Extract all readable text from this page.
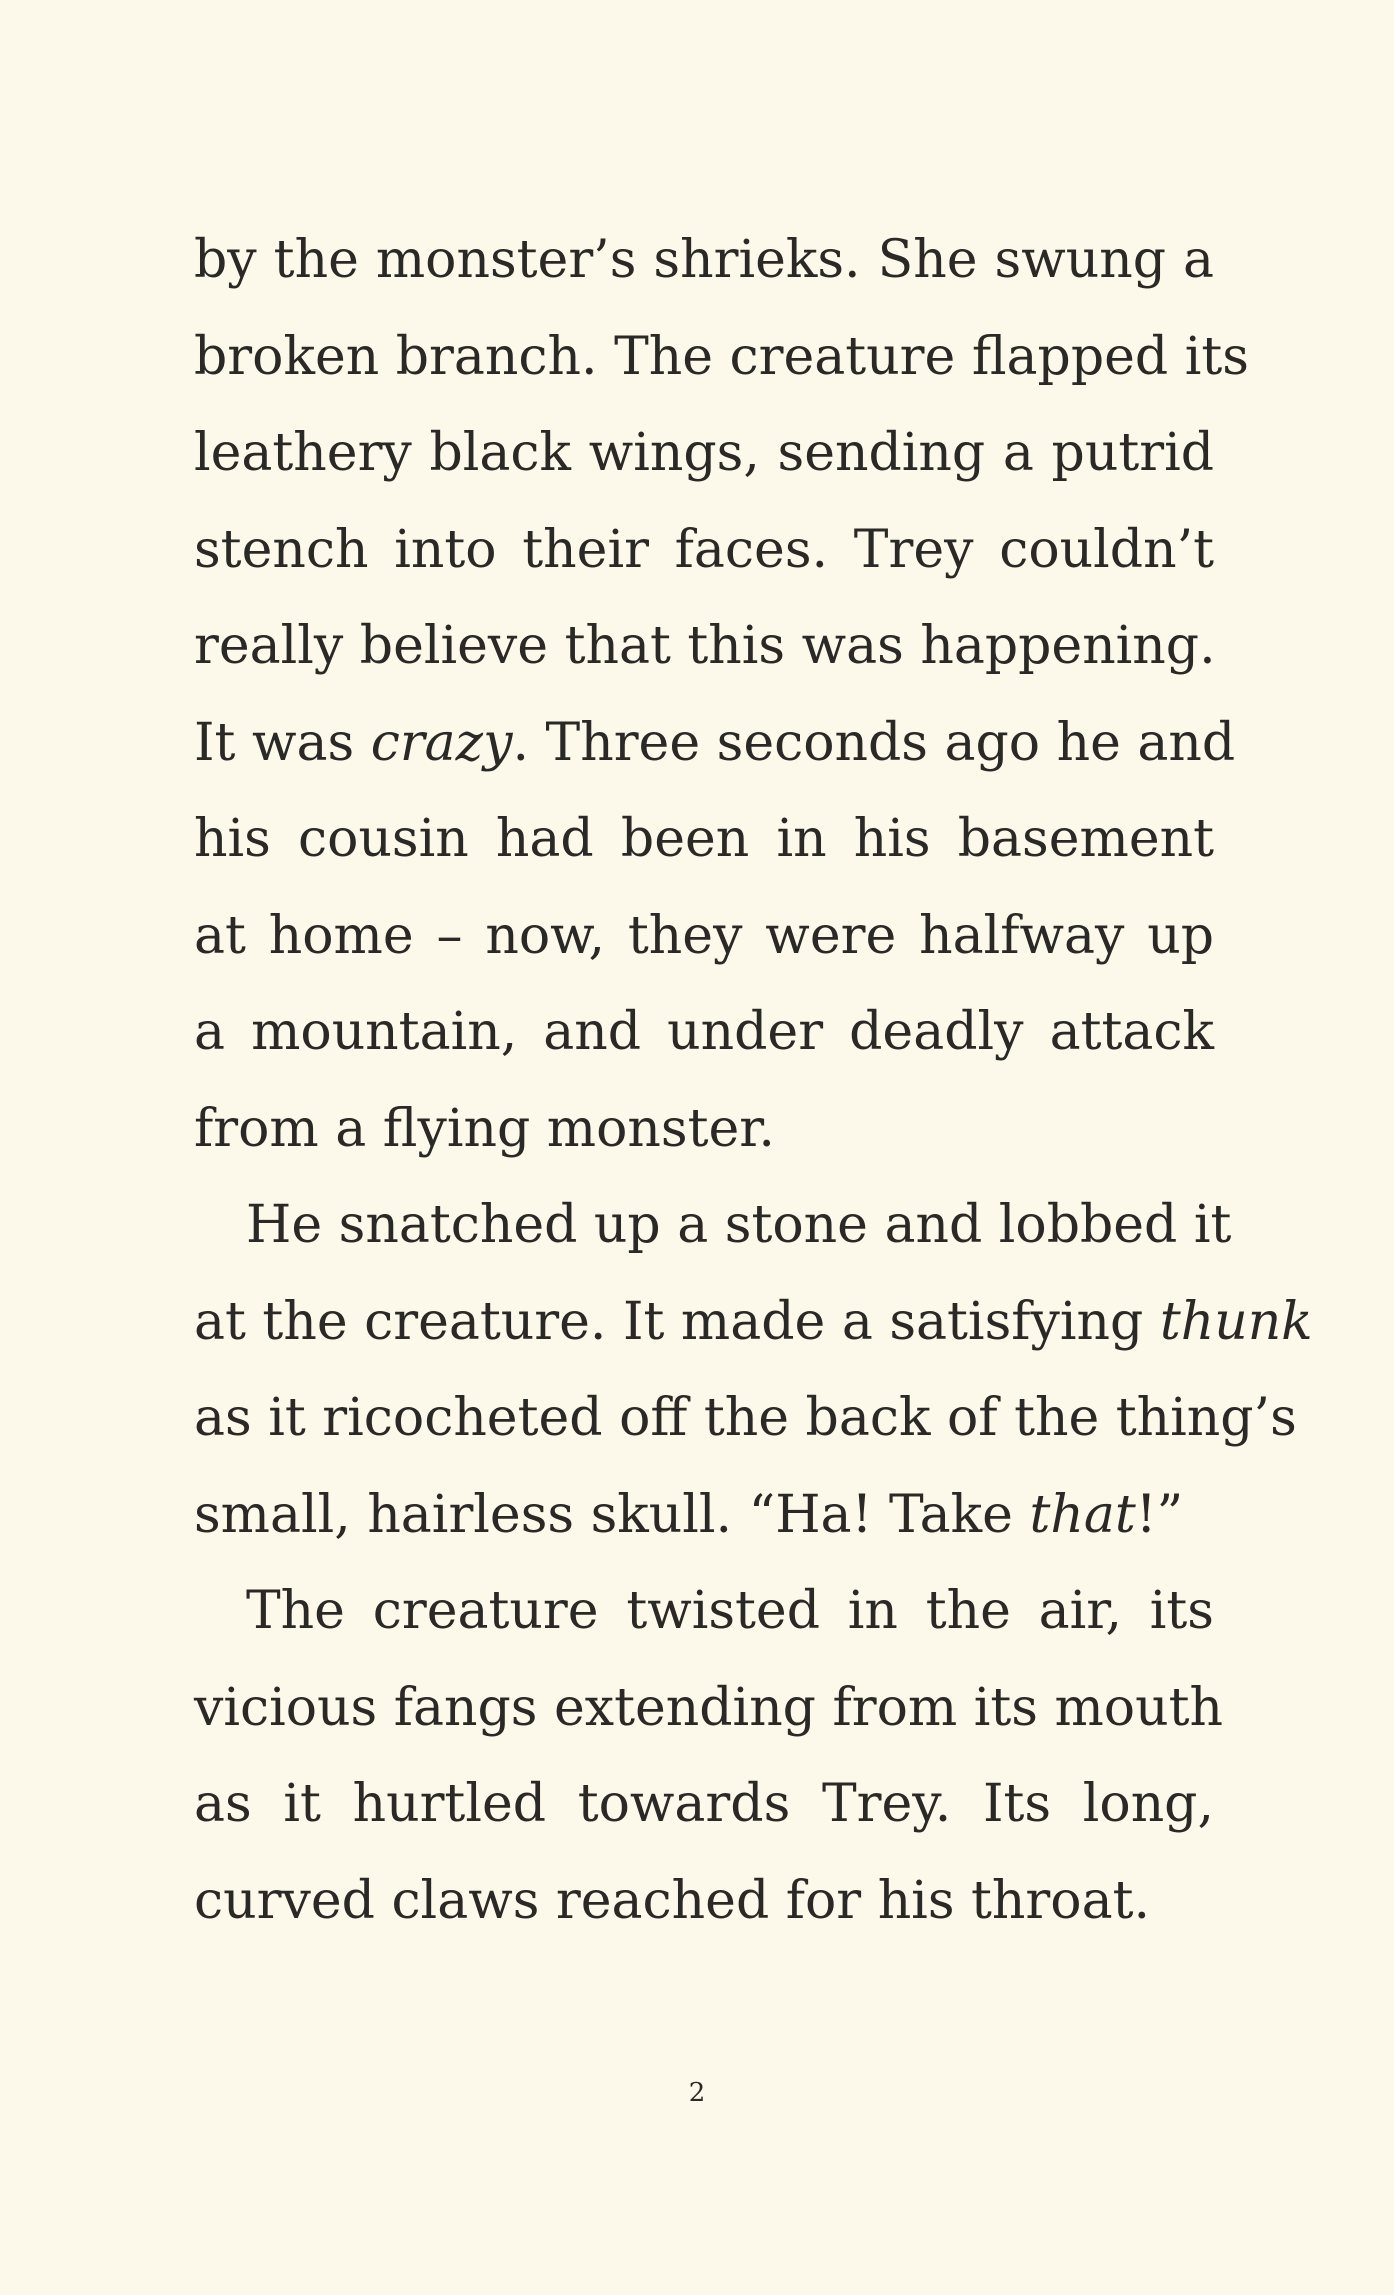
by the monster’s shrieks. She swung a
broken branch. The creature flapped its
leathery black wings, sending a putrid
stench into their faces. Trey couldn’t
really believe that this was happening.
It was crazy. Three seconds ago he and
his cousin had been in his basement
at home – now, they were halfway up
a mountain, and under deadly attack
from a flying monster.
He snatched up a stone and lobbed it
at the creature. It made a satisfying thunk
as it ricocheted off the back of the thing’s
small, hairless skull. “Ha! Take that!”
The creature twisted in the air, its
vicious fangs extending from its mouth
as it hurtled towards Trey. Its long,
curved claws reached for his throat.
2
